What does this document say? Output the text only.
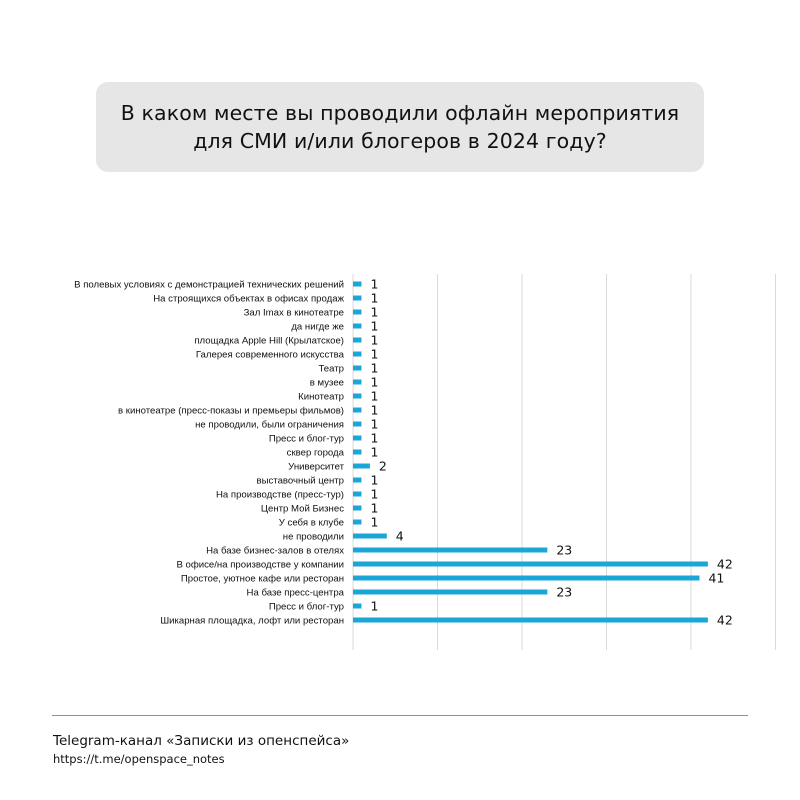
В каком месте вы проводили офлайн мероприятия
для СМИ и/или блогеров в 2024 году?
В полевых условиях с демонстрацией технических решений 1
На строящихся объектах в офисах продаж 1
Зал Imax в кинотеатре 1
да нигде же 1
площадка Apple Hill (Крылатское) 1
Галерея современного искусства 1
Театр 1
в музее 1
Кинотеатр 1
в кинотеатре (пресс-показы и премьеры фильмов) 1
не проводили, были ограничения 1
Пресс и блог-тур 1
сквер города 1
Университет	2
выставочный центр 1
На производстве (пресс-тур) 1
Центр Мой Бизнес 1
У себя в клубе 1
не проводили	4
На базе бизнес-залов в отелях	23
В офисе/на производстве у компании	42
Простое, уютное кафе или ресторан	41
На базе пресс-центра	23
Пресс и блог-тур 1
Шикарная площадка, лофт или ресторан	42
Telegram-канал «Записки из опенспейса»
https://t.me/openspace_notes
